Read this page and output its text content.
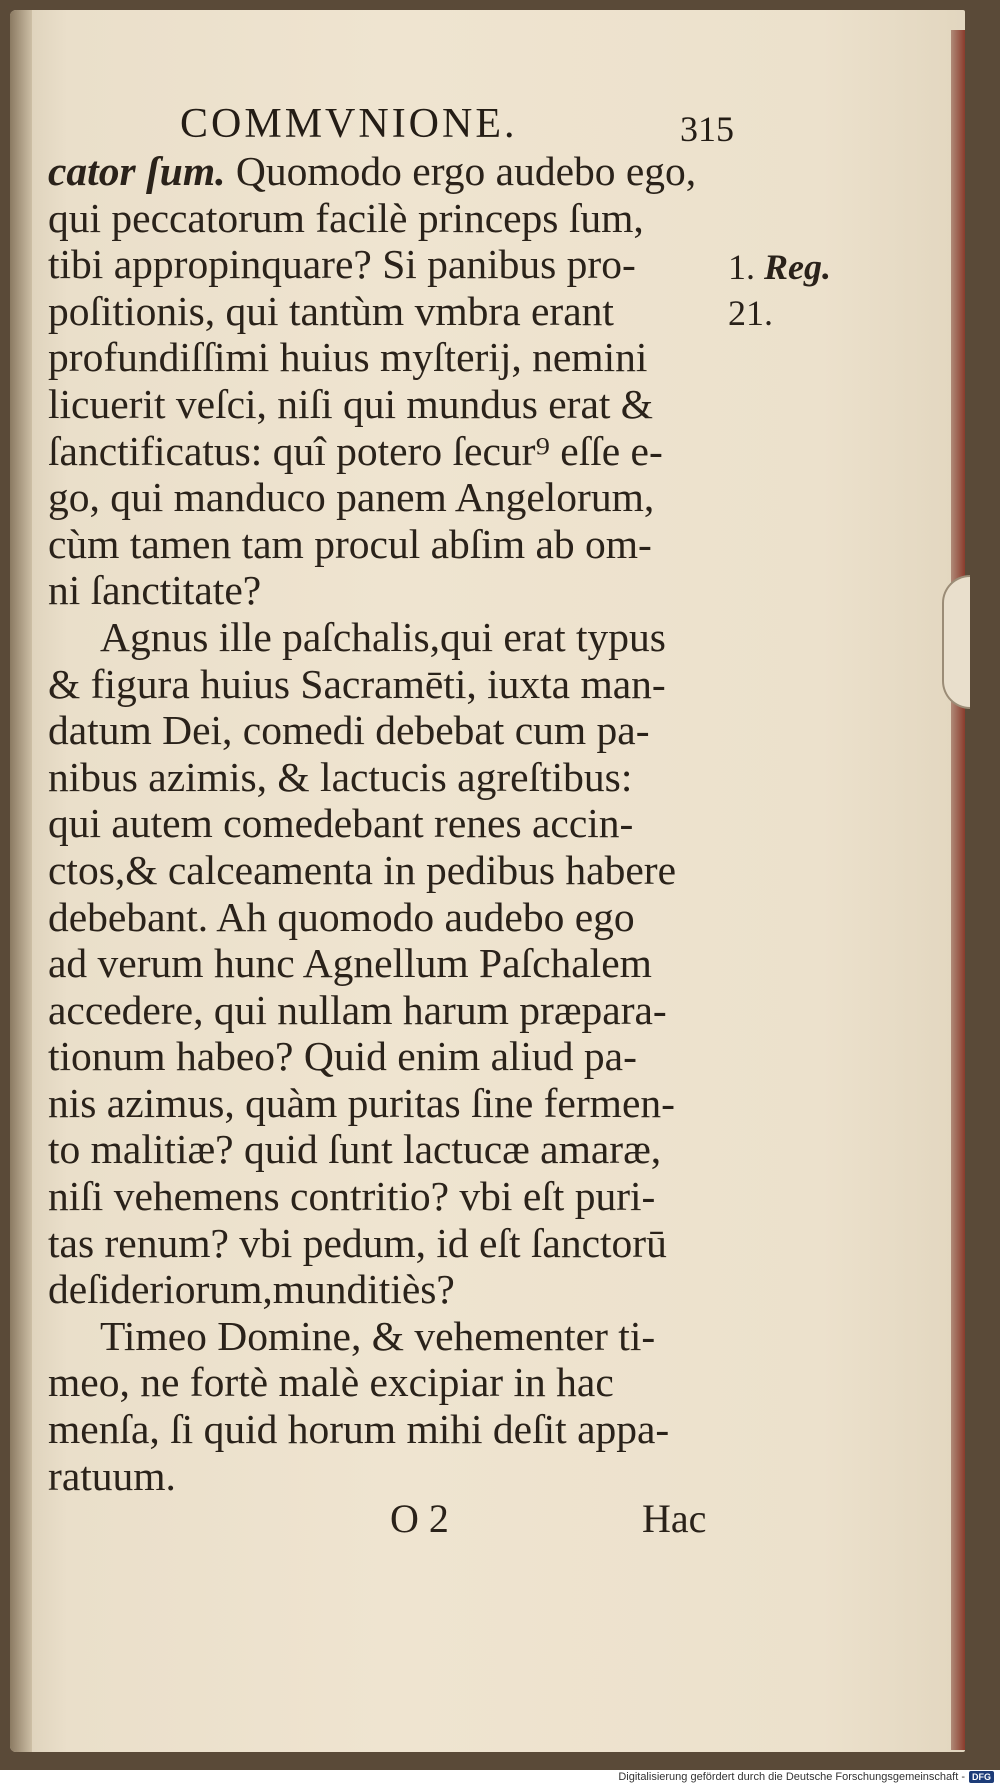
COMMVNIONE.	315
cator ſum. Quomodo ergo audebo ego,
qui peccatorum facilè princeps ſum,
tibi appropinquare? Si panibus pro-
poſitionis, qui tantùm vmbra erant
profundiſſimi huius myſterij, nemini
licuerit veſci, niſi qui mundus erat &
ſanctificatus: quî potero ſecur⁹ eſſe e-
go, qui manduco panem Angelorum,
cùm tamen tam procul abſim ab om-
ni ſanctitate?
Agnus ille paſchalis,qui erat typus
& figura huius Sacramēti, iuxta man-
datum Dei, comedi debebat cum pa-
nibus azimis, & lactucis agreſtibus:
qui autem comedebant renes accin-
ctos,& calceamenta in pedibus habere
debebant. Ah quomodo audebo ego
ad verum hunc Agnellum Paſchalem
accedere, qui nullam harum præpara-
tionum habeo? Quid enim aliud pa-
nis azimus, quàm puritas ſine fermen-
to malitiæ? quid ſunt lactucæ amaræ,
niſi vehemens contritio? vbi eſt puri-
tas renum? vbi pedum, id eſt ſanctorū
deſideriorum,munditiès?
Timeo Domine, & vehementer ti-
meo, ne fortè malè excipiar in hac
menſa, ſi quid horum mihi deſit appa-
ratuum.
1. Reg.
21.
O 2	Hac
Digitalisierung gefördert durch die Deutsche Forschungsgemeinschaft - DFG
